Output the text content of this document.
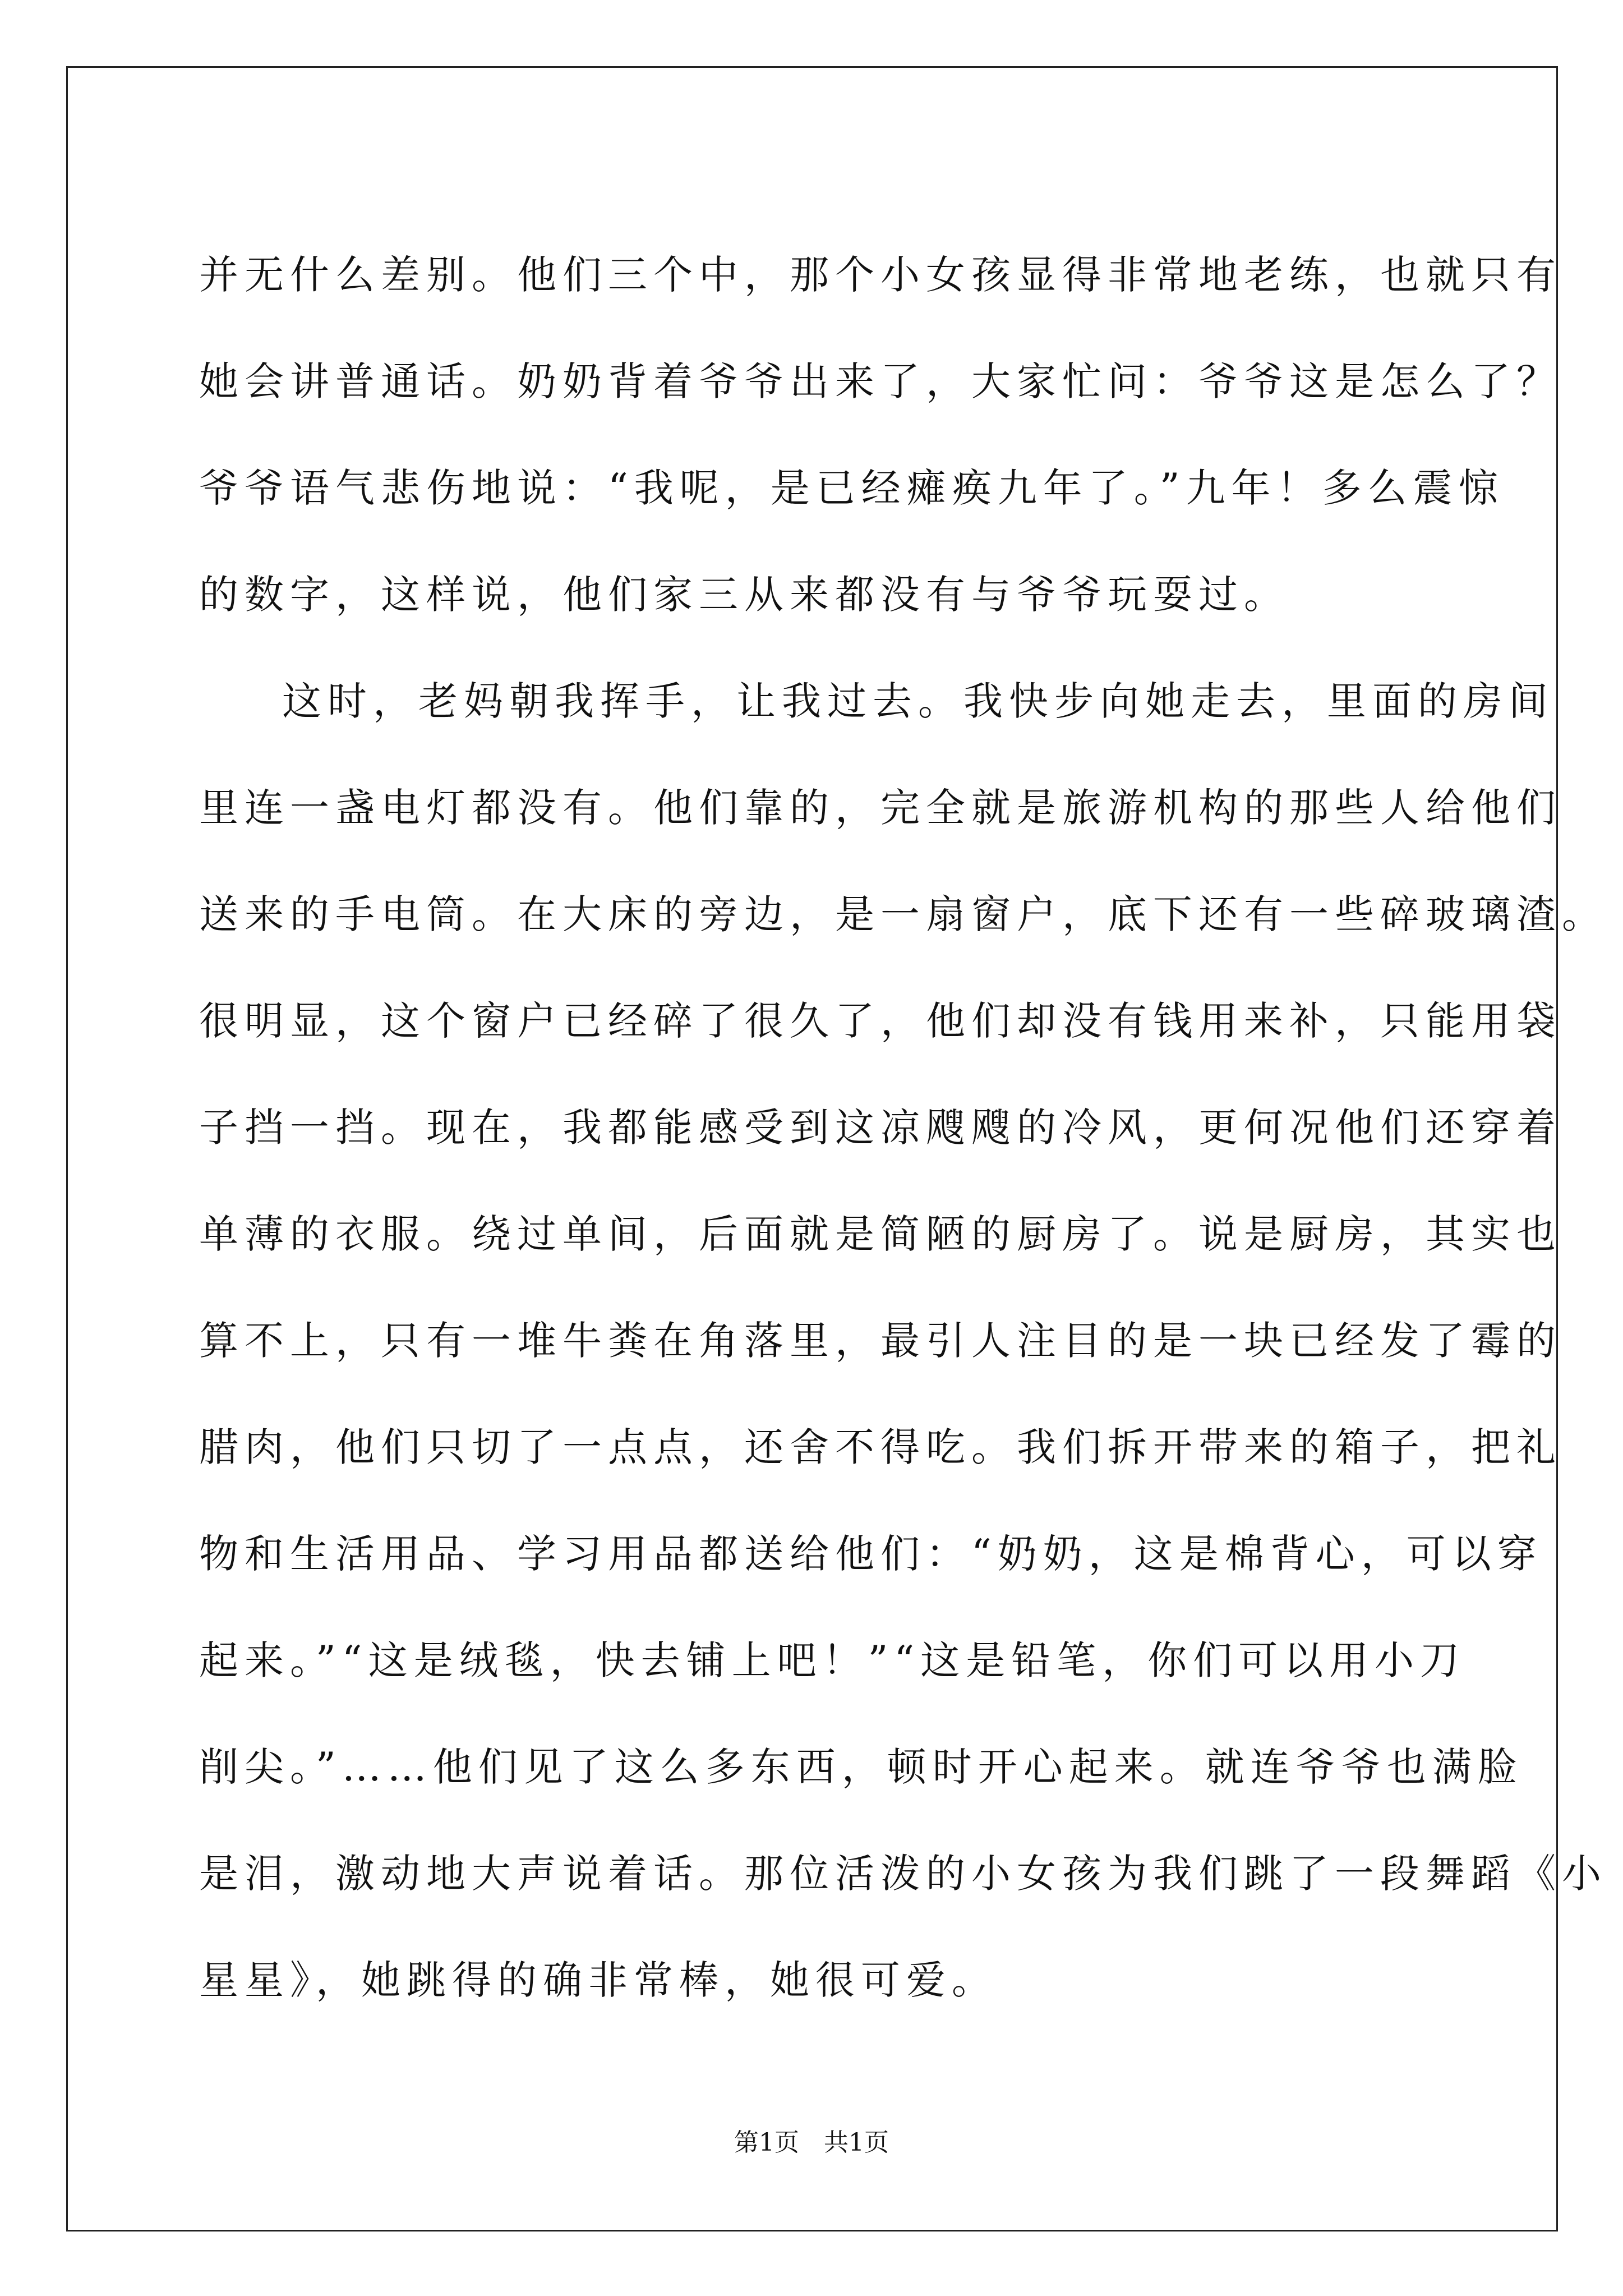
并无什么差别。他们三个中，那个小女孩显得非常地老练，也就只有

她会讲普通话。奶奶背着爷爷出来了，大家忙问：爷爷这是怎么了？

爷爷语气悲伤地说：“我呢，是已经瘫痪九年了。”九年！多么震惊

的数字，这样说，他们家三从来都没有与爷爷玩耍过。

这时，老妈朝我挥手，让我过去。我快步向她走去，里面的房间

里连一盏电灯都没有。他们靠的，完全就是旅游机构的那些人给他们

送来的手电筒。在大床的旁边，是一扇窗户，底下还有一些碎玻璃渣。

很明显，这个窗户已经碎了很久了，他们却没有钱用来补，只能用袋

子挡一挡。现在，我都能感受到这凉飕飕的冷风，更何况他们还穿着

单薄的衣服。绕过单间，后面就是简陋的厨房了。说是厨房，其实也

算不上，只有一堆牛粪在角落里，最引人注目的是一块已经发了霉的

腊肉，他们只切了一点点，还舍不得吃。我们拆开带来的箱子，把礼

物和生活用品、学习用品都送给他们：“奶奶，这是棉背心，可以穿

起来。”“这是绒毯，快去铺上吧！”“这是铅笔，你们可以用小刀

削尖。”……他们见了这么多东西，顿时开心起来。就连爷爷也满脸

是泪，激动地大声说着话。那位活泼的小女孩为我们跳了一段舞蹈《小

星星》，她跳得的确非常棒，她很可爱。

第1页 共1页
